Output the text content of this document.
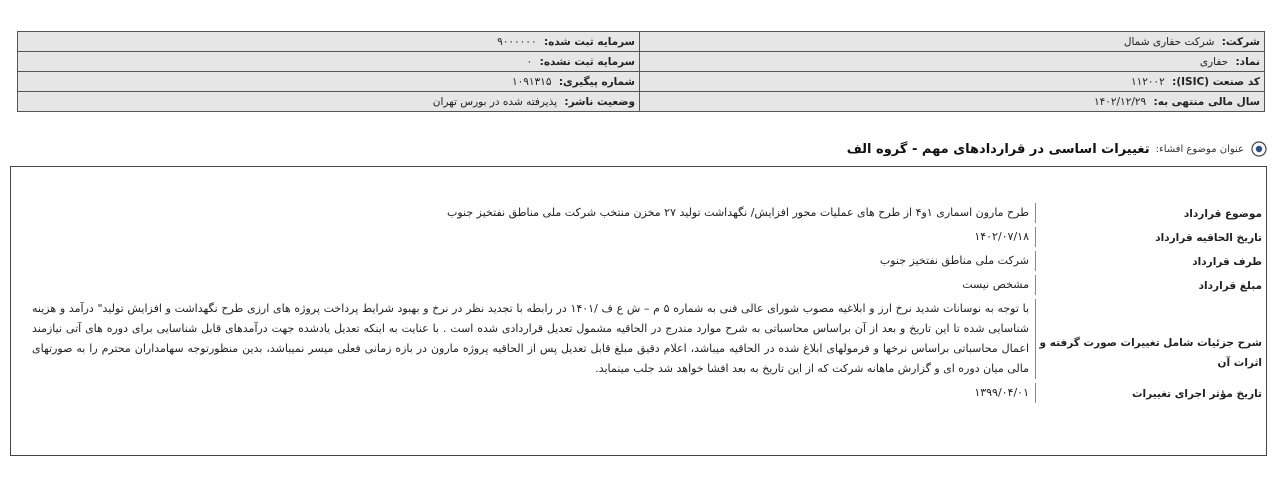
شرکت: شرکت حفاری شمال	سرمایه ثبت شده: ۹۰۰۰۰۰۰
نماد: حفاری	سرمایه ثبت نشده: ۰
کد صنعت (ISIC): ۱۱۲۰۰۲	شماره پیگیری: ۱۰۹۱۳۱۵
سال مالی منتهی به: ۱۴۰۲/۱۲/۲۹	وضعیت ناشر: پذیرفته شده در بورس تهران
عنوان موضوع افشاء:
تغییرات اساسی در قراردادهای مهم - گروه الف
موضوع قرارداد
طرح مارون اسماری ۱و۴ از طرح های عملیات محور افزایش/ نگهداشت تولید ۲۷ مخزن منتخب شرکت ملی مناطق نفتخیز جنوب
تاریخ الحاقیه قرارداد
۱۴۰۲/۰۷/۱۸
طرف قرارداد
شرکت ملی مناطق نفتخیز جنوب
مبلغ قرارداد
مشخص نیست
شرح جزئیات شامل تغییرات صورت گرفته و اثرات آن
با توجه به نوسانات شدید نرخ ارز و ابلاغیه مصوب شورای عالی فنی به شماره ۵ م – ش ع ف /۱۴۰۱ در رابطه با تجدید نظر در نرخ و بهبود شرایط پرداخت پروژه های ارزی طرح نگهداشت و افزایش تولید" درآمد و هزینه شناسایی شده تا این تاریخ و بعد از آن براساس محاسباتی به شرح موارد مندرج در الحاقیه مشمول تعدیل قراردادی شده است . با عنایت به اینکه تعدیل یادشده جهت درآمدهای قابل شناسایی برای دوره های آتی نیازمند اعمال محاسباتی براساس نرخها و فرمولهای ابلاغ شده در الحاقیه میباشد، اعلام دقیق مبلغ قابل تعدیل پس از الحاقیه پروژه مارون در بازه زمانی فعلی میسر نمیباشد، بدین منظورتوجه سهامداران محترم را به صورتهای مالی میان دوره ای و گزارش ماهانه شرکت که از این تاریخ به بعد افشا خواهد شد جلب مینماید.
تاریخ مؤثر اجرای تغییرات
۱۳۹۹/۰۴/۰۱
